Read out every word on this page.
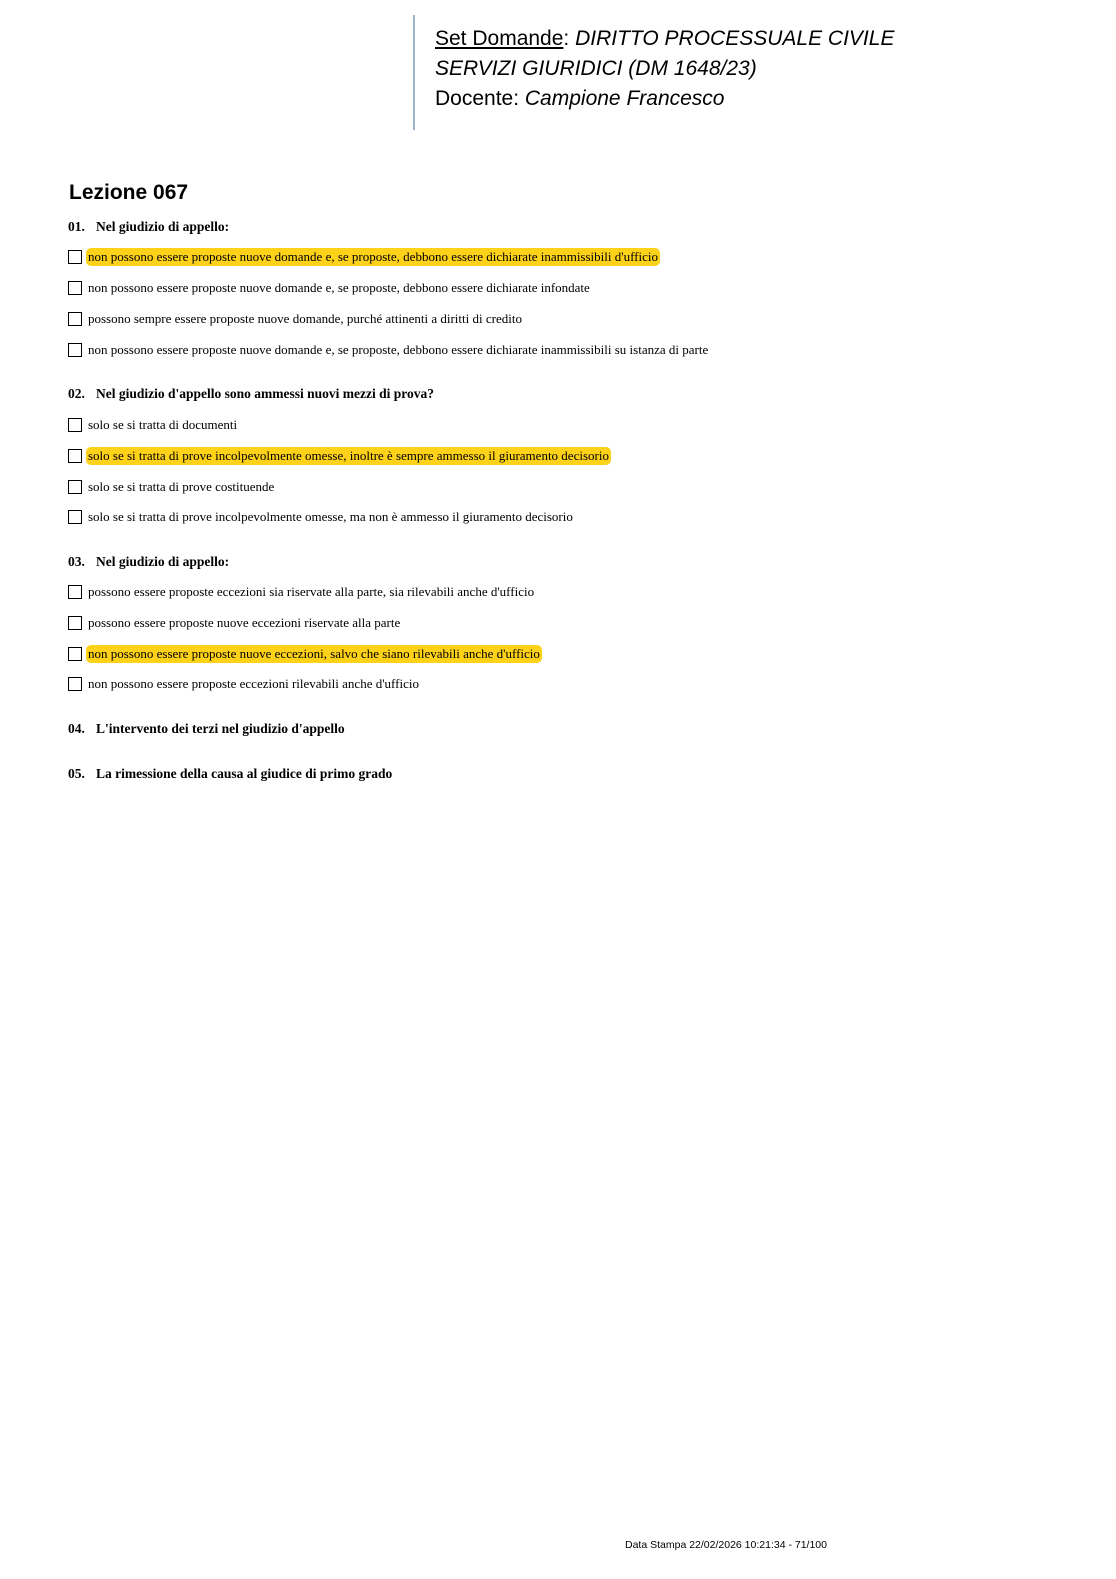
Set Domande: DIRITTO PROCESSUALE CIVILE
SERVIZI GIURIDICI (DM 1648/23)
Docente: Campione Francesco
Lezione 067
01. Nel giudizio di appello:
non possono essere proposte nuove domande e, se proposte, debbono essere dichiarate inammissibili d'ufficio
non possono essere proposte nuove domande e, se proposte, debbono essere dichiarate infondate
possono sempre essere proposte nuove domande, purché attinenti a diritti di credito
non possono essere proposte nuove domande e, se proposte, debbono essere dichiarate inammissibili su istanza di parte
02. Nel giudizio d'appello sono ammessi nuovi mezzi di prova?
solo se si tratta di documenti
solo se si tratta di prove incolpevolmente omesse, inoltre è sempre ammesso il giuramento decisorio
solo se si tratta di prove costituende
solo se si tratta di prove incolpevolmente omesse, ma non è ammesso il giuramento decisorio
03. Nel giudizio di appello:
possono essere proposte eccezioni sia riservate alla parte, sia rilevabili anche d'ufficio
possono essere proposte nuove eccezioni riservate alla parte
non possono essere proposte nuove eccezioni, salvo che siano rilevabili anche d'ufficio
non possono essere proposte eccezioni rilevabili anche d'ufficio
04. L'intervento dei terzi nel giudizio d'appello
05. La rimessione della causa al giudice di primo grado
Data Stampa 22/02/2026 10:21:34 - 71/100
